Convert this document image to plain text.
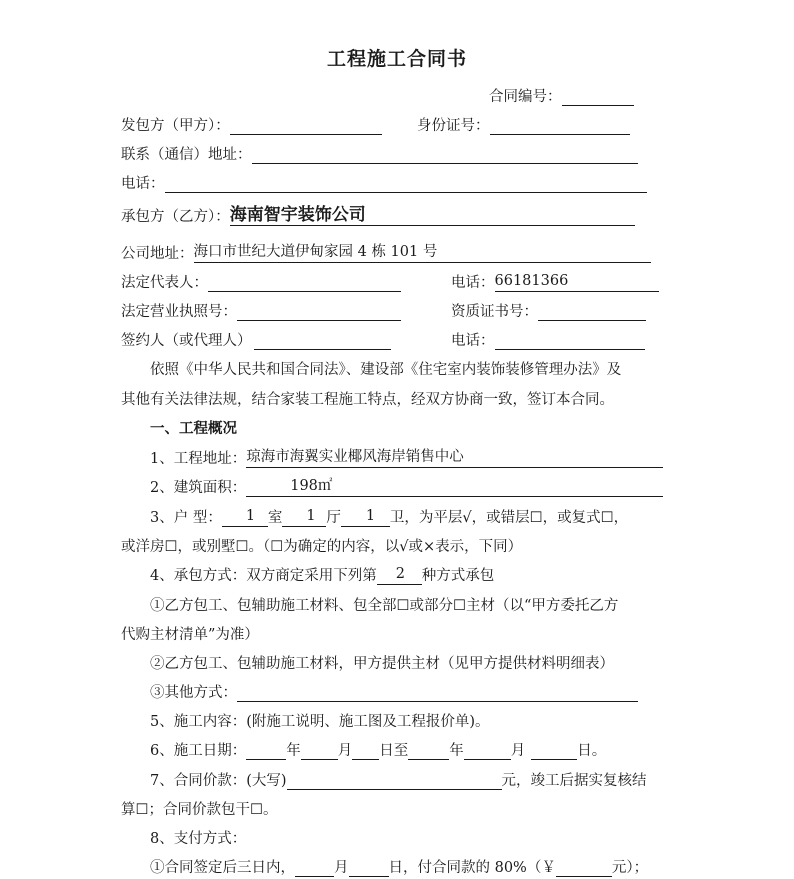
工程施工合同书
合同编号：
发包方（甲方）：	身份证号：
联系（通信）地址：
电话：
承包方（乙方）： 海南智宇装饰公司
公司地址： 海口市世纪大道伊甸家园 4 栋 101 号
法定代表人：	电话： 66181366
法定营业执照号：	资质证书号：
签约人（或代理人）	电话：
依照《中华人民共和国合同法》、建设部《住宅室内装饰装修管理办法》及
其他有关法律法规，结合家装工程施工特点，经双方协商一致，签订本合同。
一、工程概况
1、工程地址： 琼海市海翼实业椰风海岸销售中心
2、建筑面积：	198㎡
3、户 型： 1 室 1 厅 1 卫，为平层√，或错层☐，或复式☐，
或洋房☐，或别墅☐。（☐为确定的内容，以√或×表示，下同）
4、承包方式：双方商定采用下列第 2 种方式承包
①乙方包工、包辅助施工材料、包全部☐或部分☐主材（以“甲方委托乙方
代购主材清单”为准）
②乙方包工、包辅助施工材料，甲方提供主材（见甲方提供材料明细表）
③其他方式：
5、施工内容：(附施工说明、施工图及工程报价单)。
6、施工日期：	年	月 日至	年	月	日。
7、合同价款：(大写)	元，竣工后据实复核结
算☐；合同价款包干☐。
8、支付方式：
①合同签定后三日内，	月	日，付合同款的 80%（￥	元）；
